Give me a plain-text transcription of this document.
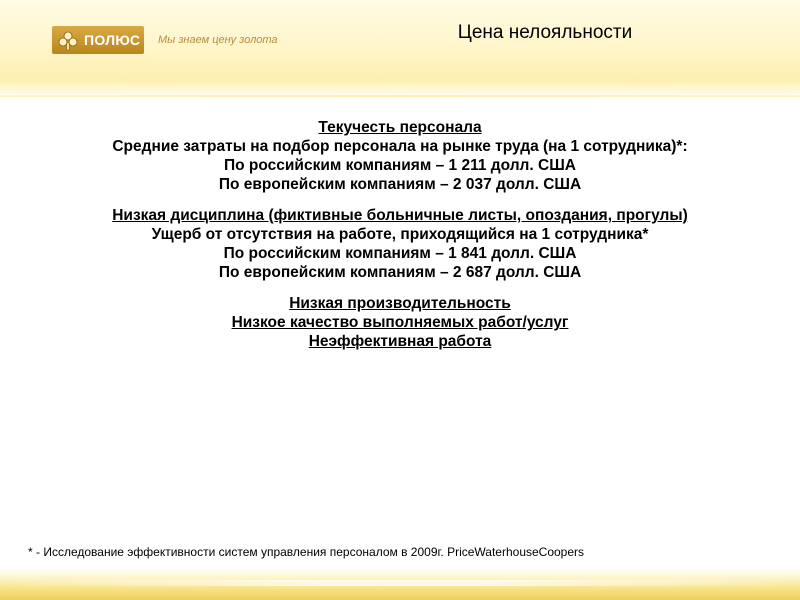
ПОЛЮС Мы знаем цену золота	Цена нелояльности

Текучесть персонала

Средние затраты на подбор персонала на рынке труда (на 1 сотрудника)*:

По российским компаниям – 1 211 долл. США

По европейским компаниям – 2 037 долл. США

Низкая дисциплина (фиктивные больничные листы, опоздания, прогулы)

Ущерб от отсутствия на работе, приходящийся на 1 сотрудника*

По российским компаниям – 1 841 долл. США

По европейским компаниям – 2 687 долл. США

Низкая производительность

Низкое качество выполняемых работ/услуг

Неэффективная работа

* - Исследование эффективности систем управления персоналом в 2009г. PriceWaterhouseCoopers
